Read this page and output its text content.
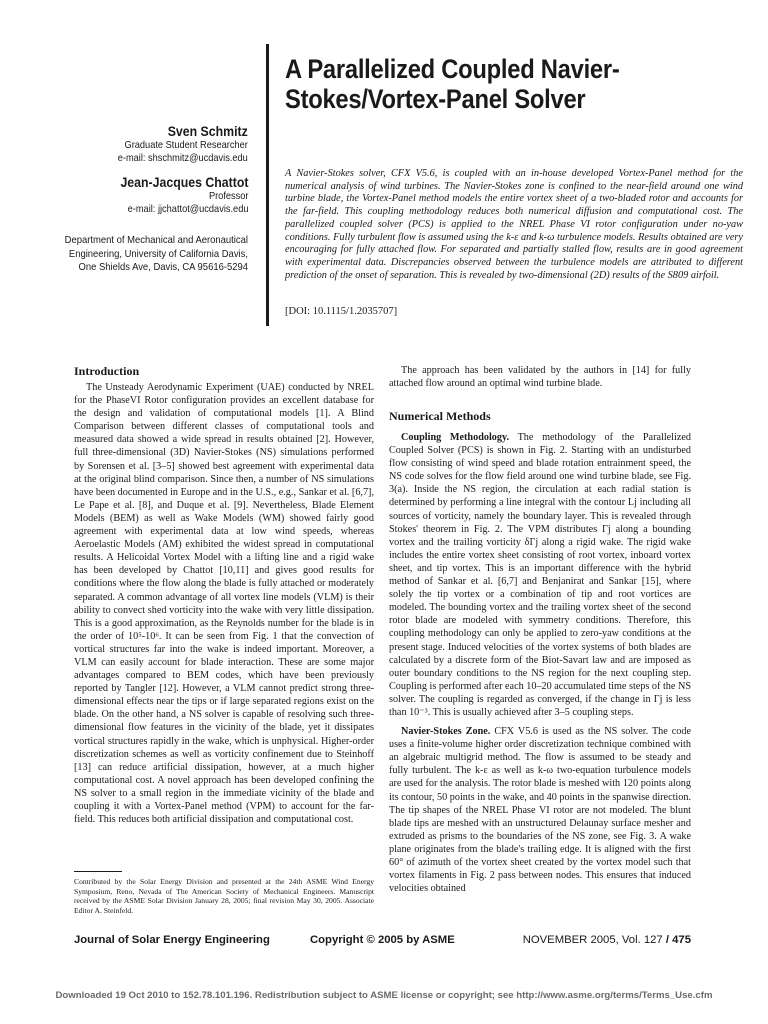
A Parallelized Coupled Navier-Stokes/Vortex-Panel Solver
Sven Schmitz
Graduate Student Researcher
e-mail: shschmitz@ucdavis.edu
Jean-Jacques Chattot
Professor
e-mail: jjchattot@ucdavis.edu
Department of Mechanical and Aeronautical Engineering, University of California Davis, One Shields Ave, Davis, CA 95616-5294
A Navier-Stokes solver, CFX V5.6, is coupled with an in-house developed Vortex-Panel method for the numerical analysis of wind turbines. The Navier-Stokes zone is confined to the near-field around one wind turbine blade, the Vortex-Panel method models the entire vortex sheet of a two-bladed rotor and accounts for the far-field. This coupling methodology reduces both numerical diffusion and computational cost. The parallelized coupled solver (PCS) is applied to the NREL Phase VI rotor configuration under no-yaw conditions. Fully turbulent flow is assumed using the k-ε and k-ω turbulence models. Results obtained are very encouraging for fully attached flow. For separated and partially stalled flow, results are in good agreement with experimental data. Discrepancies observed between the turbulence models are attributed to different prediction of the onset of separation. This is revealed by two-dimensional (2D) results of the S809 airfoil.
[DOI: 10.1115/1.2035707]
Introduction

The Unsteady Aerodynamic Experiment (UAE) conducted by NREL for the PhaseVI Rotor configuration provides an excellent database for the design and validation of computational models [1]. A Blind Comparison between different classes of computational tools and measured data showed a wide spread in results obtained [2]. However, full three-dimensional (3D) Navier-Stokes (NS) simulations performed by Sorensen et al. [3–5] showed best agreement with experimental data at the original blind comparison. Since then, a number of NS simulations have been documented in Europe and in the U.S., e.g., Sankar et al. [6,7], Le Pape et al. [8], and Duque et al. [9]. Nevertheless, Blade Element Models (BEM) as well as Wake Models (WM) showed fairly good agreement with experimental data at low wind speeds, whereas Aeroelastic Models (AM) exhibited the widest spread in computational results. A Helicoidal Vortex Model with a lifting line and a rigid wake has been developed by Chattot [10,11] and gives good results for conditions where the flow along the blade is fully attached or moderately separated. A common advantage of all vortex line models (VLM) is their ability to convect shed vorticity into the wake with very little dissipation. This is a good approximation, as the Reynolds number for the blade is in the order of 10⁵-10⁶. It can be seen from Fig. 1 that the convection of vortical structures far into the wake is indeed important. Moreover, a VLM can easily account for blade interaction. These are some major advantages compared to BEM codes, which have been previously reported by Tangler [12]. However, a VLM cannot predict strong three-dimensional effects near the tips or if large separated regions exist on the blade. On the other hand, a NS solver is capable of resolving such three-dimensional flow features in the vicinity of the blade, yet it dissipates vortical structures rapidly in the wake, which is unphysical. Higher-order discretization schemes as well as vorticity confinement due to Steinhoff [13] can reduce artificial dissipation, however, at a much higher computational cost. A novel approach has been developed confining the NS solver to a small region in the immediate vicinity of the blade and coupling it with a Vortex-Panel method (VPM) to account for the far-field. This reduces both artificial dissipation and computational cost.

Contributed by the Solar Energy Division and presented at the 24th ASME Wind Energy Symposium, Reno, Nevada of The American Society of Mechanical Engineers. Manuscript received by the ASME Solar Division January 28, 2005; final revision May 30, 2005. Associate Editor A. Steinfeld.

The approach has been validated by the authors in [14] for fully attached flow around an optimal wind turbine blade.

Numerical Methods

Coupling Methodology. The methodology of the Parallelized Coupled Solver (PCS) is shown in Fig. 2. Starting with an undisturbed flow consisting of wind speed and blade rotation entrainment speed, the NS code solves for the flow field around one wind turbine blade, see Fig. 3(a). Inside the NS region, the circulation at each radial station is determined by performing a line integral with the contour Lj including all sources of vorticity, namely the boundary layer. This is revealed through Stokes' theorem in Fig. 2. The VPM distributes Γj along a bounding vortex and the trailing vorticity δΓj along a rigid wake. The rigid wake includes the entire vortex sheet consisting of root vortex, inboard vortex sheet, and tip vortex. This is an important difference with the hybrid method of Sankar et al. [6,7] and Benjanirat and Sankar [15], where solely the tip vortex or a combination of tip and root vortices are modeled. The bounding vortex and the trailing vortex sheet of the second rotor blade are modeled with symmetry conditions. Therefore, this coupling methodology can only be applied to zero-yaw conditions at the present stage. Induced velocities of the vortex systems of both blades are calculated by a discrete form of the Biot-Savart law and are imposed as outer boundary conditions to the NS region for the next coupling step. Coupling is performed after each 10–20 accumulated time steps of the NS solver. The coupling is regarded as converged, if the change in Γj is less than 10⁻³. This is usually achieved after 3–5 coupling steps.

Navier-Stokes Zone. CFX V5.6 is used as the NS solver. The code uses a finite-volume higher order discretization technique combined with an algebraic multigrid method. The flow is assumed to be steady and fully turbulent. The k-ε as well as k-ω two-equation turbulence models are used for the analysis. The rotor blade is meshed with 120 points along its contour, 50 points in the wake, and 40 points in the spanwise direction. The tip shapes of the NREL Phase VI rotor are not modeled. The blunt blade tips are meshed with an unstructured Delaunay surface mesher and extruded as prisms to the boundaries of the NS zone, see Fig. 3. A wake plane originates from the blade's trailing edge. It is aligned with the first 60° of azimuth of the vortex sheet created by the vortex model such that vortex filaments in Fig. 2 pass between nodes. This ensures that induced velocities obtained

Journal of Solar Energy Engineering	Copyright © 2005 by ASME	NOVEMBER 2005, Vol. 127 / 475
Downloaded 19 Oct 2010 to 152.78.101.196. Redistribution subject to ASME license or copyright; see http://www.asme.org/terms/Terms_Use.cfm
